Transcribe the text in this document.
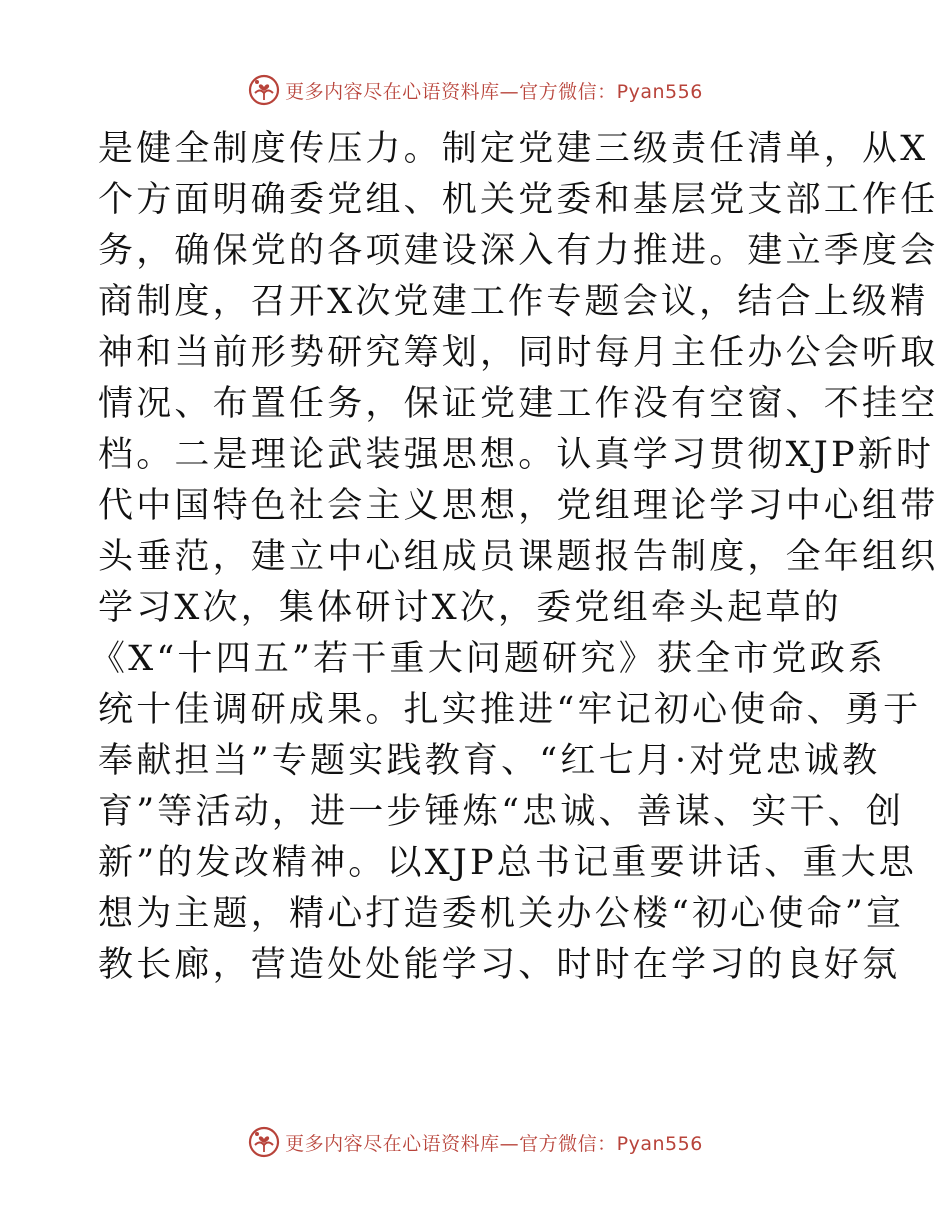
更多内容尽在心语资料库—官方微信：Pyan556
是健全制度传压力。制定党建三级责任清单，从X
个方面明确委党组、机关党委和基层党支部工作任
务，确保党的各项建设深入有力推进。建立季度会
商制度，召开X次党建工作专题会议，结合上级精
神和当前形势研究筹划，同时每月主任办公会听取
情况、布置任务，保证党建工作没有空窗、不挂空
档。二是理论武装强思想。认真学习贯彻XJP新时
代中国特色社会主义思想，党组理论学习中心组带
头垂范，建立中心组成员课题报告制度，全年组织
学习X次，集体研讨X次，委党组牵头起草的
《X“十四五”若干重大问题研究》获全市党政系
统十佳调研成果。扎实推进“牢记初心使命、勇于
奉献担当”专题实践教育、“红七月·对党忠诚教
育”等活动，进一步锤炼“忠诚、善谋、实干、创
新”的发改精神。以XJP总书记重要讲话、重大思
想为主题，精心打造委机关办公楼“初心使命”宣
教长廊，营造处处能学习、时时在学习的良好氛
更多内容尽在心语资料库—官方微信：Pyan556
